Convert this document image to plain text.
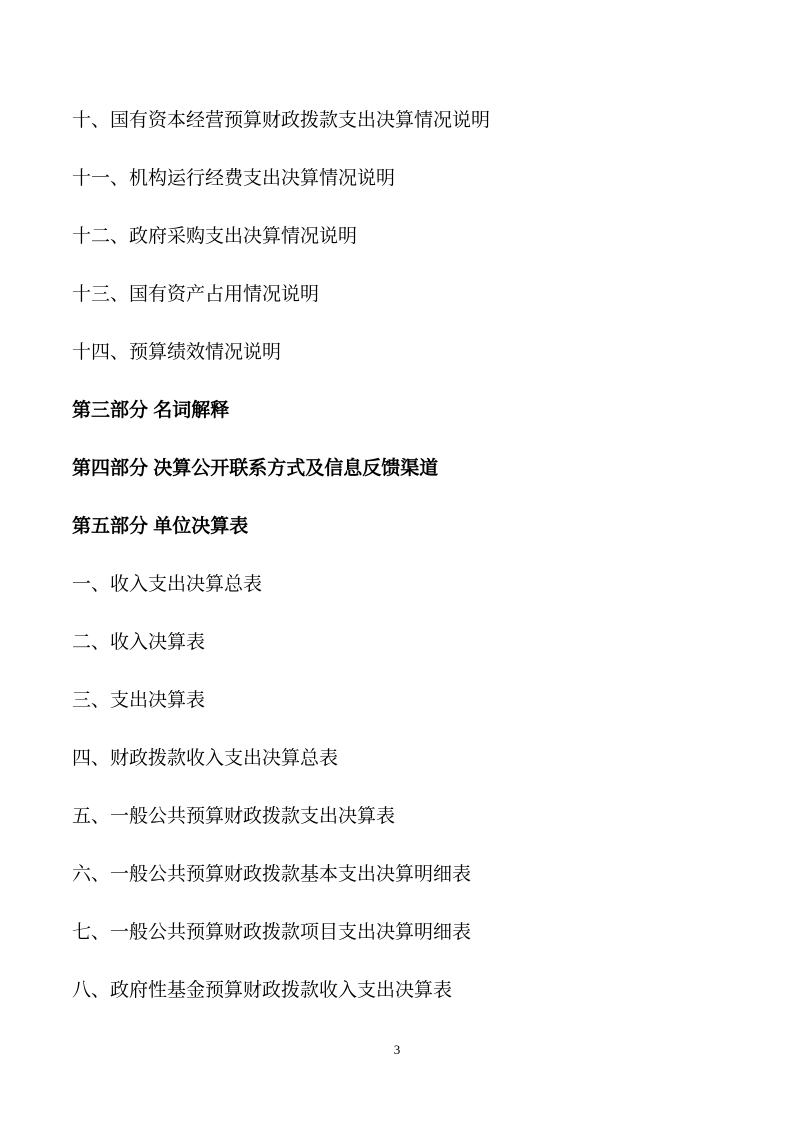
十、国有资本经营预算财政拨款支出决算情况说明

十一、机构运行经费支出决算情况说明

十二、政府采购支出决算情况说明

十三、国有资产占用情况说明

十四、预算绩效情况说明

第三部分 名词解释

第四部分 决算公开联系方式及信息反馈渠道

第五部分 单位决算表

一、收入支出决算总表

二、收入决算表

三、支出决算表

四、财政拨款收入支出决算总表

五、一般公共预算财政拨款支出决算表

六、一般公共预算财政拨款基本支出决算明细表

七、一般公共预算财政拨款项目支出决算明细表

八、政府性基金预算财政拨款收入支出决算表

3
